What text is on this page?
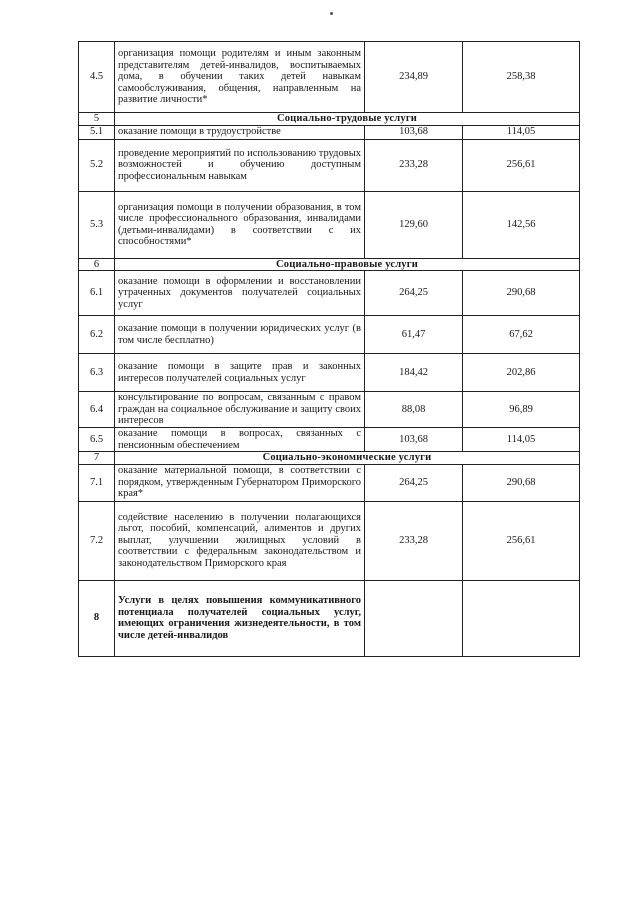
4.5	организация помощи родителям и иным законным представителям детей-инвалидов, воспитываемых дома, в обучении таких детей навыкам самообслуживания, общения, направленным на развитие личности*	234,89	258,38
5	Социально-трудовые услуги		
5.1	оказание помощи в трудоустройстве	103,68	114,05
5.2	проведение мероприятий по использованию трудовых возможностей и обучению доступным профессиональным навыкам	233,28	256,61
5.3	организация помощи в получении образования, в том числе профессионального образования, инвалидами (детьми-инвалидами) в соответствии с их способностями*	129,60	142,56
6	Социально-правовые услуги		
6.1	оказание помощи в оформлении и восстановлении утраченных документов получателей социальных услуг	264,25	290,68
6.2	оказание помощи в получении юридических услуг (в том числе бесплатно)	61,47	67,62
6.3	оказание помощи в защите прав и законных интересов получателей социальных услуг	184,42	202,86
6.4	консультирование по вопросам, связанным с правом граждан на социальное обслуживание и защиту своих интересов	88,08	96,89
6.5	оказание помощи в вопросах, связанных с пенсионным обеспечением	103,68	114,05
7	Социально-экономические услуги		
7.1	оказание материальной помощи, в соответствии с порядком, утвержденным Губернатором Приморского края*	264,25	290,68
7.2	содействие населению в получении полагающихся льгот, пособий, компенсаций, алиментов и других выплат, улучшении жилищных условий в соответствии с федеральным законодательством и законодательством Приморского края	233,28	256,61
8	Услуги в целях повышения коммуникативного потенциала получателей социальных услуг, имеющих ограничения жизнедеятельности, в том числе детей-инвалидов		
